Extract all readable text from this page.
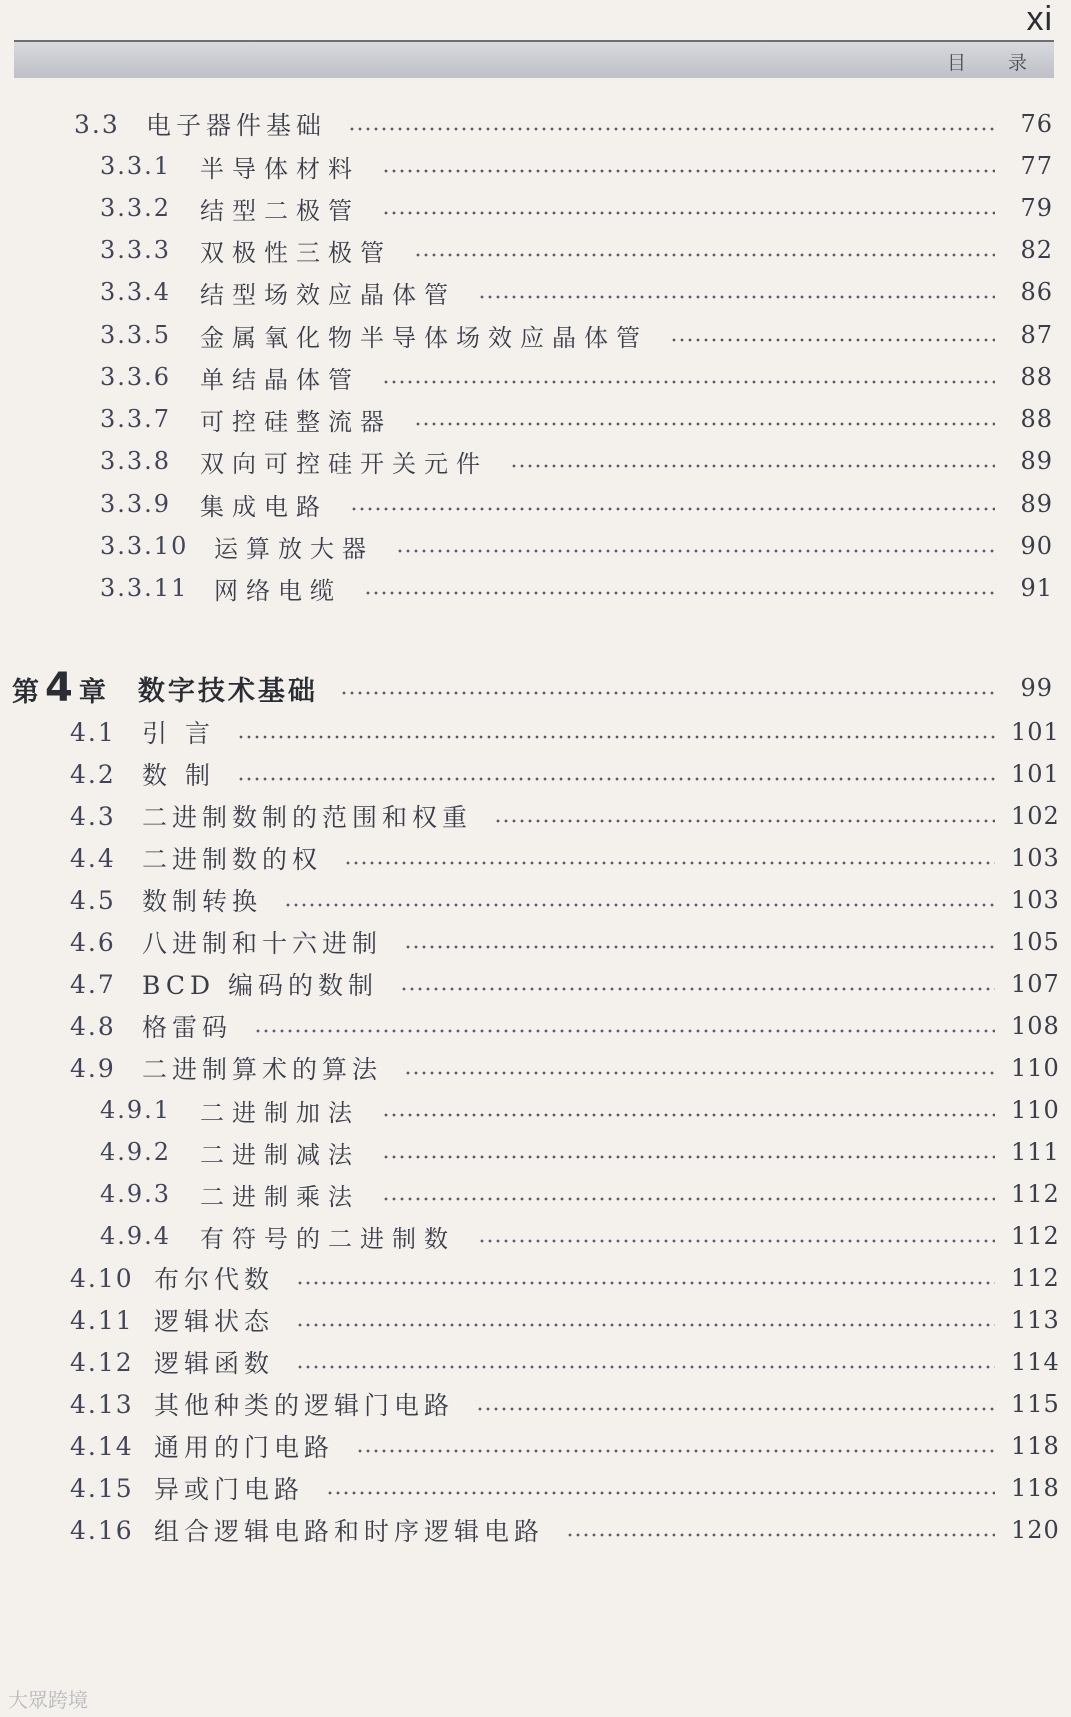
xi
目 录
3.3	电子器件基础	76
3.3.1	半导体材料	77
3.3.2	结型二极管	79
3.3.3	双极性三极管	82
3.3.4	结型场效应晶体管	86
3.3.5	金属氧化物半导体场效应晶体管	87
3.3.6	单结晶体管	88
3.3.7	可控硅整流器	88
3.3.8	双向可控硅开关元件	89
3.3.9	集成电路	89
3.3.10	运算放大器	90
3.3.11	网络电缆	91
第 4 章 数字技术基础	99
4.1	引 言	101
4.2	数 制	101
4.3	二进制数制的范围和权重	102
4.4	二进制数的权	103
4.5	数制转换	103
4.6	八进制和十六进制	105
4.7	BCD 编码的数制	107
4.8	格雷码	108
4.9	二进制算术的算法	110
4.9.1	二进制加法	110
4.9.2	二进制减法	111
4.9.3	二进制乘法	112
4.9.4	有符号的二进制数	112
4.10 布尔代数	112
4.11 逻辑状态	113
4.12 逻辑函数	114
4.13 其他种类的逻辑门电路	115
4.14 通用的门电路	118
4.15 异或门电路	118
4.16 组合逻辑电路和时序逻辑电路	120
大眾跨境
